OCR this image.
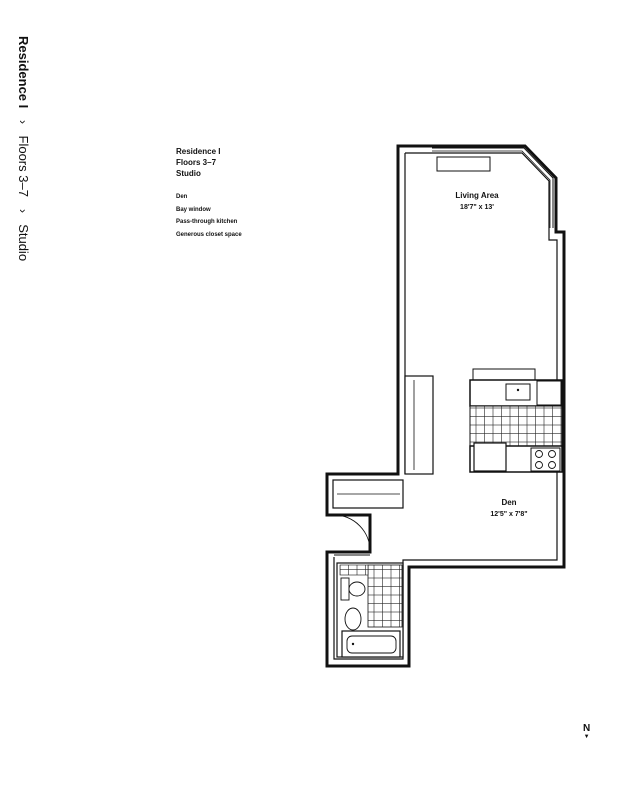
Residence I › Floors 3–7 › Studio
Residence I
Floors 3–7
Studio
Den
Bay window
Pass-through kitchen
Generous closet space
Living Area
18'7" x 13'
Den
12'5" x 7'8"
N
▼
